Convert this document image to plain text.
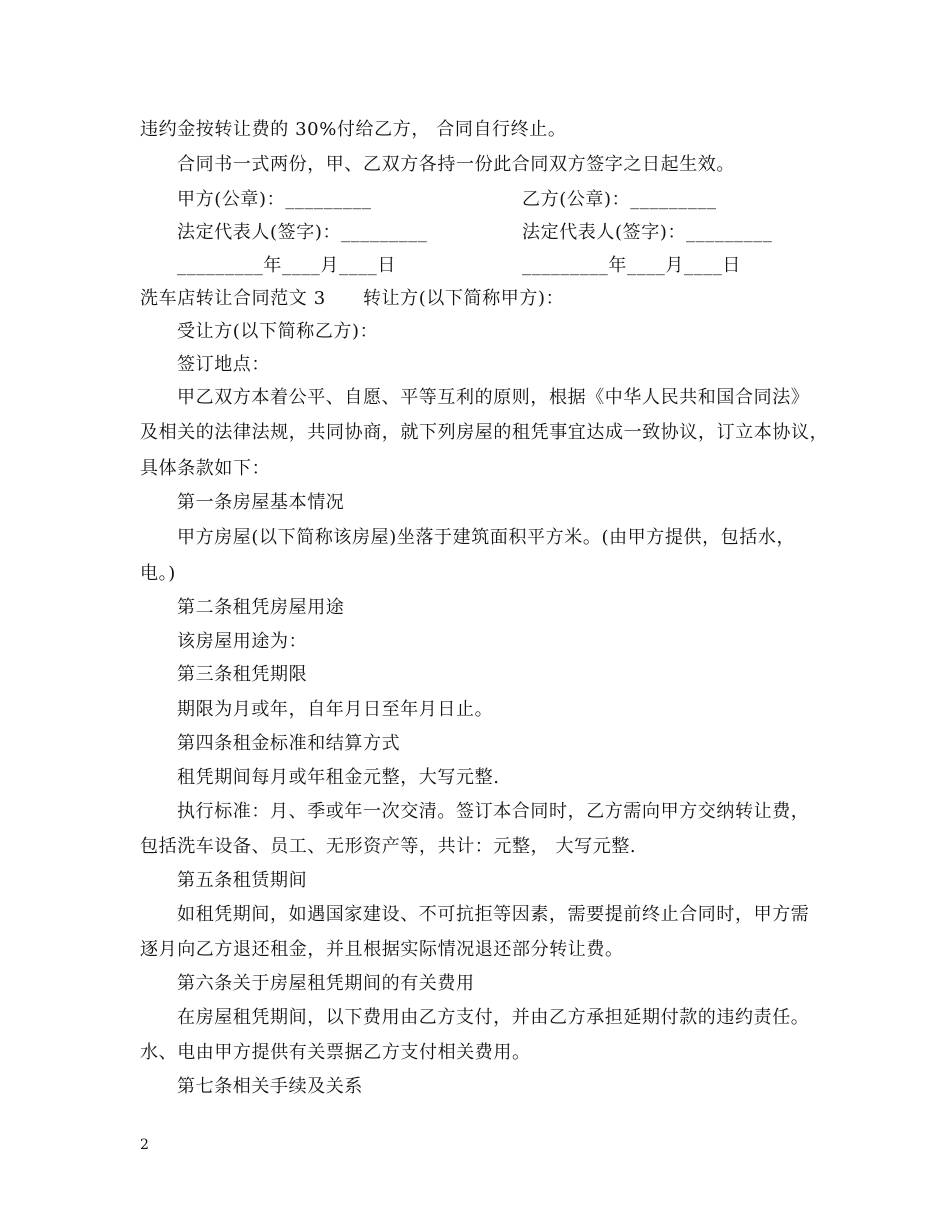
违约金按转让费的 30%付给乙方， 合同自行终止。
合同书一式两份，甲、乙双方各持一份此合同双方签字之日起生效。
甲方(公章)：_________	乙方(公章)：_________
法定代表人(签字)：_________	法定代表人(签字)：_________
_________年____月____日	_________年____月____日
洗车店转让合同范文 3　　转让方(以下简称甲方)：
受让方(以下简称乙方)：
签订地点：
甲乙双方本着公平、自愿、平等互利的原则，根据《中华人民共和国合同法》
及相关的法律法规，共同协商，就下列房屋的租凭事宜达成一致协议，订立本协议，
具体条款如下：
第一条房屋基本情况
甲方房屋(以下简称该房屋)坐落于建筑面积平方米。(由甲方提供，包括水，
电。)
第二条租凭房屋用途
该房屋用途为：
第三条租凭期限
期限为月或年，自年月日至年月日止。
第四条租金标准和结算方式
租凭期间每月或年租金元整，大写元整.
执行标准：月、季或年一次交清。签订本合同时，乙方需向甲方交纳转让费，
包括洗车设备、员工、无形资产等，共计：元整， 大写元整.
第五条租赁期间
如租凭期间，如遇国家建设、不可抗拒等因素，需要提前终止合同时，甲方需
逐月向乙方退还租金，并且根据实际情况退还部分转让费。
第六条关于房屋租凭期间的有关费用
在房屋租凭期间，以下费用由乙方支付，并由乙方承担延期付款的违约责任。
水、电由甲方提供有关票据乙方支付相关费用。
第七条相关手续及关系
2
